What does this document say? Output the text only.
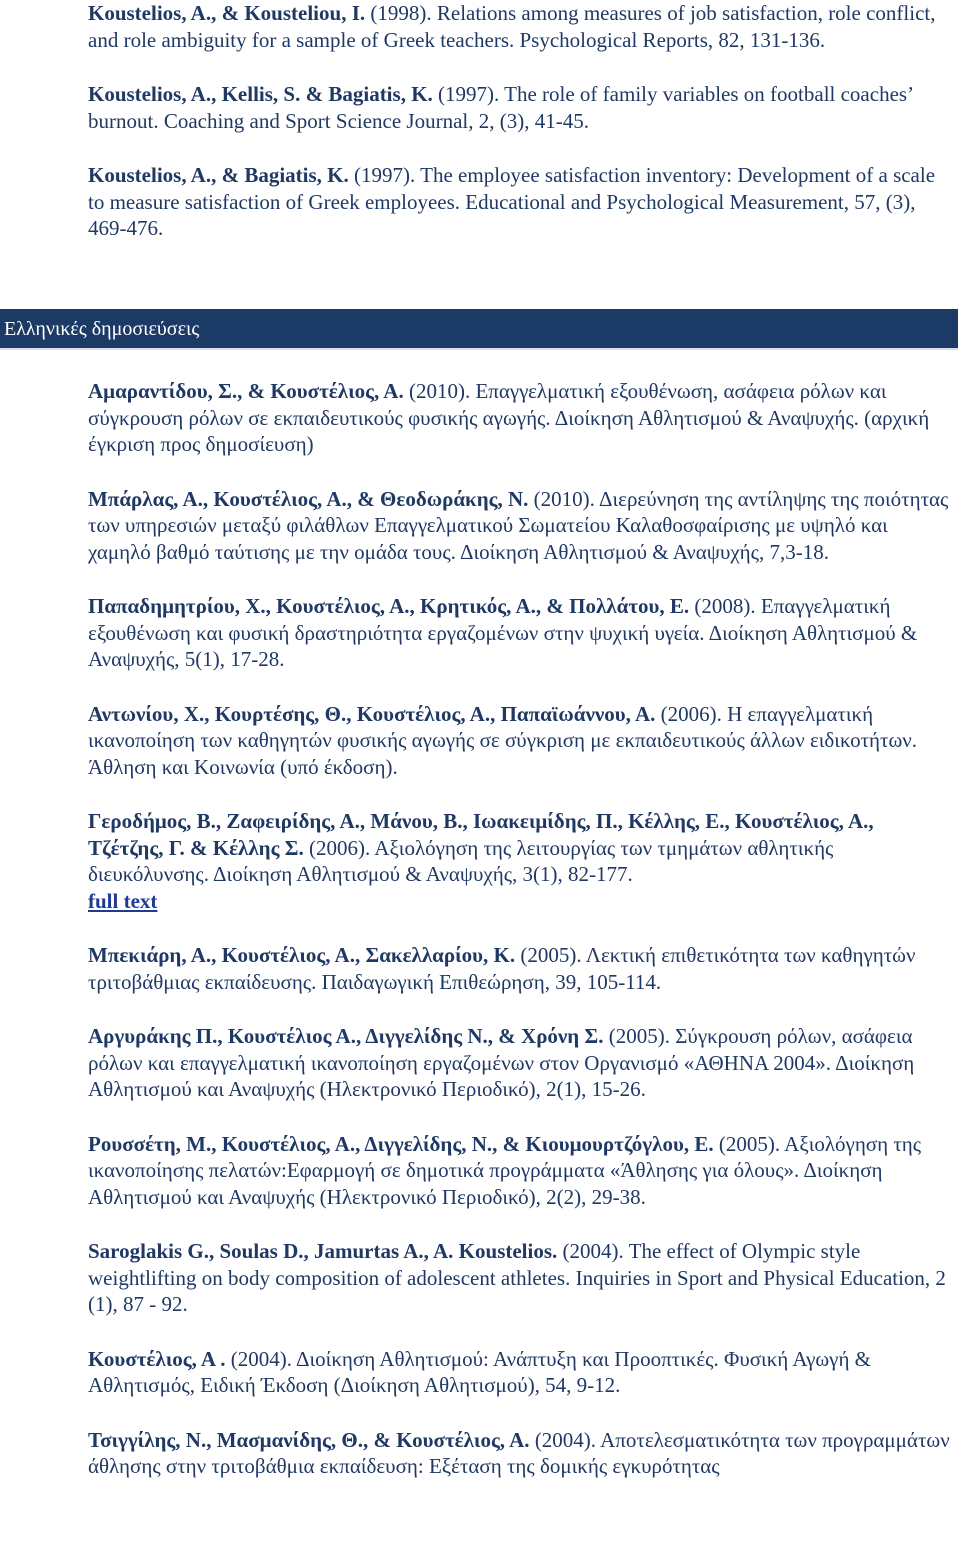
Koustelios, A., & Kousteliou, I. (1998). Relations among measures of job satisfaction, role conflict, and role ambiguity for a sample of Greek teachers. Psychological Reports, 82, 131-136.

Koustelios, A., Kellis, S. & Bagiatis, K. (1997). The role of family variables on football coaches’ burnout. Coaching and Sport Science Journal, 2, (3), 41-45.

Koustelios, A., & Bagiatis, K. (1997). The employee satisfaction inventory: Development of a scale to measure satisfaction of Greek employees. Educational and Psychological Measurement, 57, (3), 469-476.

Ελληνικές δημοσιεύσεις

Αμαραντίδου, Σ., & Κουστέλιος, Α. (2010). Επαγγελματική εξουθένωση, ασάφεια ρόλων και σύγκρουση ρόλων σε εκπαιδευτικούς φυσικής αγωγής. Διοίκηση Αθλητισμού & Αναψυχής. (αρχική έγκριση προς δημοσίευση)

Μπάρλας, Α., Κουστέλιος, Α., & Θεοδωράκης, Ν. (2010). Διερεύνηση της αντίληψης της ποιότητας των υπηρεσιών μεταξύ φιλάθλων Επαγγελματικού Σωματείου Καλαθοσφαίρισης με υψηλό και χαμηλό βαθμό ταύτισης με την ομάδα τους. Διοίκηση Αθλητισμού & Αναψυχής, 7,3-18.

Παπαδημητρίου, Χ., Κουστέλιος, Α., Κρητικός, Α., & Πολλάτου, Ε. (2008). Επαγγελματική εξουθένωση και φυσική δραστηριότητα εργαζομένων στην ψυχική υγεία. Διοίκηση Αθλητισμού & Αναψυχής, 5(1), 17-28.

Αντωνίου, Χ., Κουρτέσης, Θ., Κουστέλιος, Α., Παπαϊωάννου, Α. (2006). Η επαγγελματική ικανοποίηση των καθηγητών φυσικής αγωγής σε σύγκριση με εκπαιδευτικούς άλλων ειδικοτήτων. Άθληση και Κοινωνία (υπό έκδοση).

Γεροδήμος, Β., Ζαφειρίδης, Α., Μάνου, Β., Ιωακειμίδης, Π., Κέλλης, Ε., Κουστέλιος, Α., Τζέτζης, Γ. & Κέλλης Σ. (2006). Αξιολόγηση της λειτουργίας των τμημάτων αθλητικής διευκόλυνσης. Διοίκηση Αθλητισμού & Αναψυχής, 3(1), 82-177.
full text

Μπεκιάρη, Α., Κουστέλιος, Α., Σακελλαρίου, Κ. (2005). Λεκτική επιθετικότητα των καθηγητών τριτοβάθμιας εκπαίδευσης. Παιδαγωγική Επιθεώρηση, 39, 105-114.

Αργυράκης Π., Κουστέλιος Α., Διγγελίδης Ν., & Χρόνη Σ. (2005). Σύγκρουση ρόλων, ασάφεια ρόλων και επαγγελματική ικανοποίηση εργαζομένων στον Οργανισμό «ΑΘΗΝΑ 2004». Διοίκηση Αθλητισμού και Αναψυχής (Ηλεκτρονικό Περιοδικό), 2(1), 15-26.

Ρουσσέτη, Μ., Κουστέλιος, Α., Διγγελίδης, Ν., & Κιουμουρτζόγλου, Ε. (2005). Αξιολόγηση της ικανοποίησης πελατών:Εφαρμογή σε δημοτικά προγράμματα «Άθλησης για όλους». Διοίκηση Αθλητισμού και Αναψυχής (Ηλεκτρονικό Περιοδικό), 2(2), 29-38.

Saroglakis G., Soulas D., Jamurtas A., A. Koustelios. (2004). The effect of Olympic style weightlifting on body composition of adolescent athletes. Inquiries in Sport and Physical Education, 2 (1), 87 - 92.

Κουστέλιος, Α . (2004). Διοίκηση Αθλητισμού: Ανάπτυξη και Προοπτικές. Φυσική Αγωγή & Αθλητισμός, Ειδική Έκδοση (Διοίκηση Αθλητισμού), 54, 9-12.

Τσιγγίλης, Ν., Μασμανίδης, Θ., & Κουστέλιος, Α. (2004). Αποτελεσματικότητα των προγραμμάτων άθλησης στην τριτοβάθμια εκπαίδευση: Εξέταση της δομικής εγκυρότητας
